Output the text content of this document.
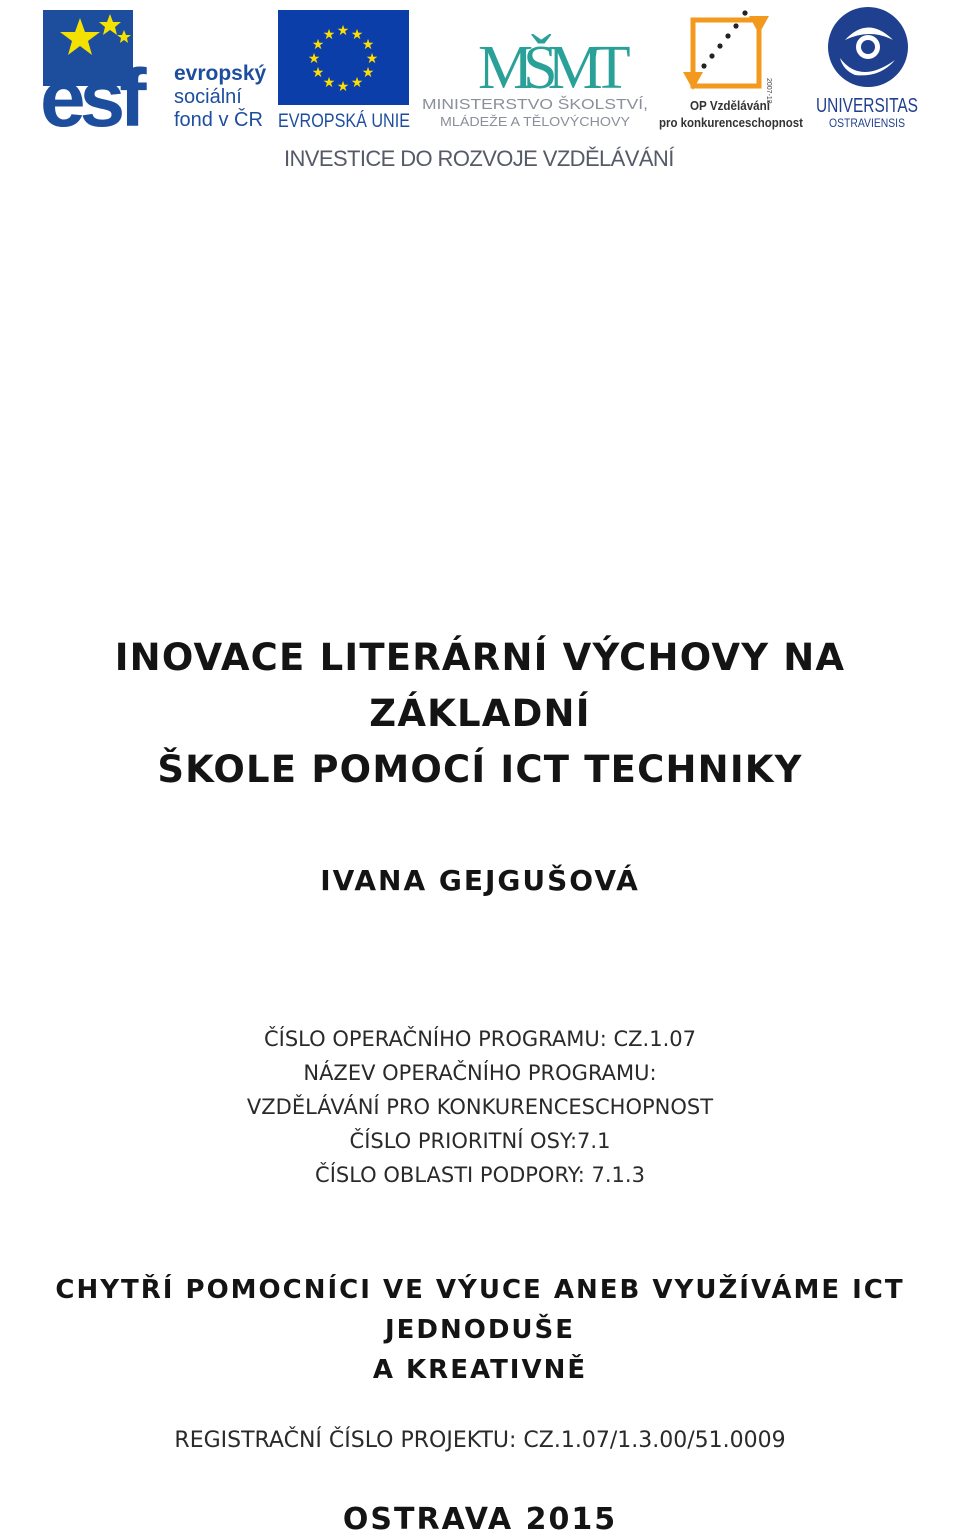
esf	evropský
sociální
fond v ČR
★ ★
★
★
★
★
★
★
★
★
★
★
EVROPSKÁ UNIE
MŠMT
MINISTERSTVO ŠKOLSTVÍ,
MLÁDEŽE A TĚLOVÝCHOVY
2007-13
OP Vzdělávání
pro konkurenceschopnost
UNIVERSITAS
OSTRAVIENSIS
INVESTICE DO ROZVOJE VZDĚLÁVÁNÍ
INOVACE LITERÁRNÍ VÝCHOVY NA ZÁKLADNÍ
ŠKOLE POMOCÍ ICT TECHNIKY
IVANA GEJGUŠOVÁ
ČÍSLO OPERAČNÍHO PROGRAMU: CZ.1.07
NÁZEV OPERAČNÍHO PROGRAMU:
VZDĚLÁVÁNÍ PRO KONKURENCESCHOPNOST
ČÍSLO PRIORITNÍ OSY:7.1
ČÍSLO OBLASTI PODPORY: 7.1.3
CHYTŘÍ POMOCNÍCI VE VÝUCE ANEB VYUŽÍVÁME ICT JEDNODUŠE
A KREATIVNĚ
REGISTRAČNÍ ČÍSLO PROJEKTU: CZ.1.07/1.3.00/51.0009
OSTRAVA 2015
